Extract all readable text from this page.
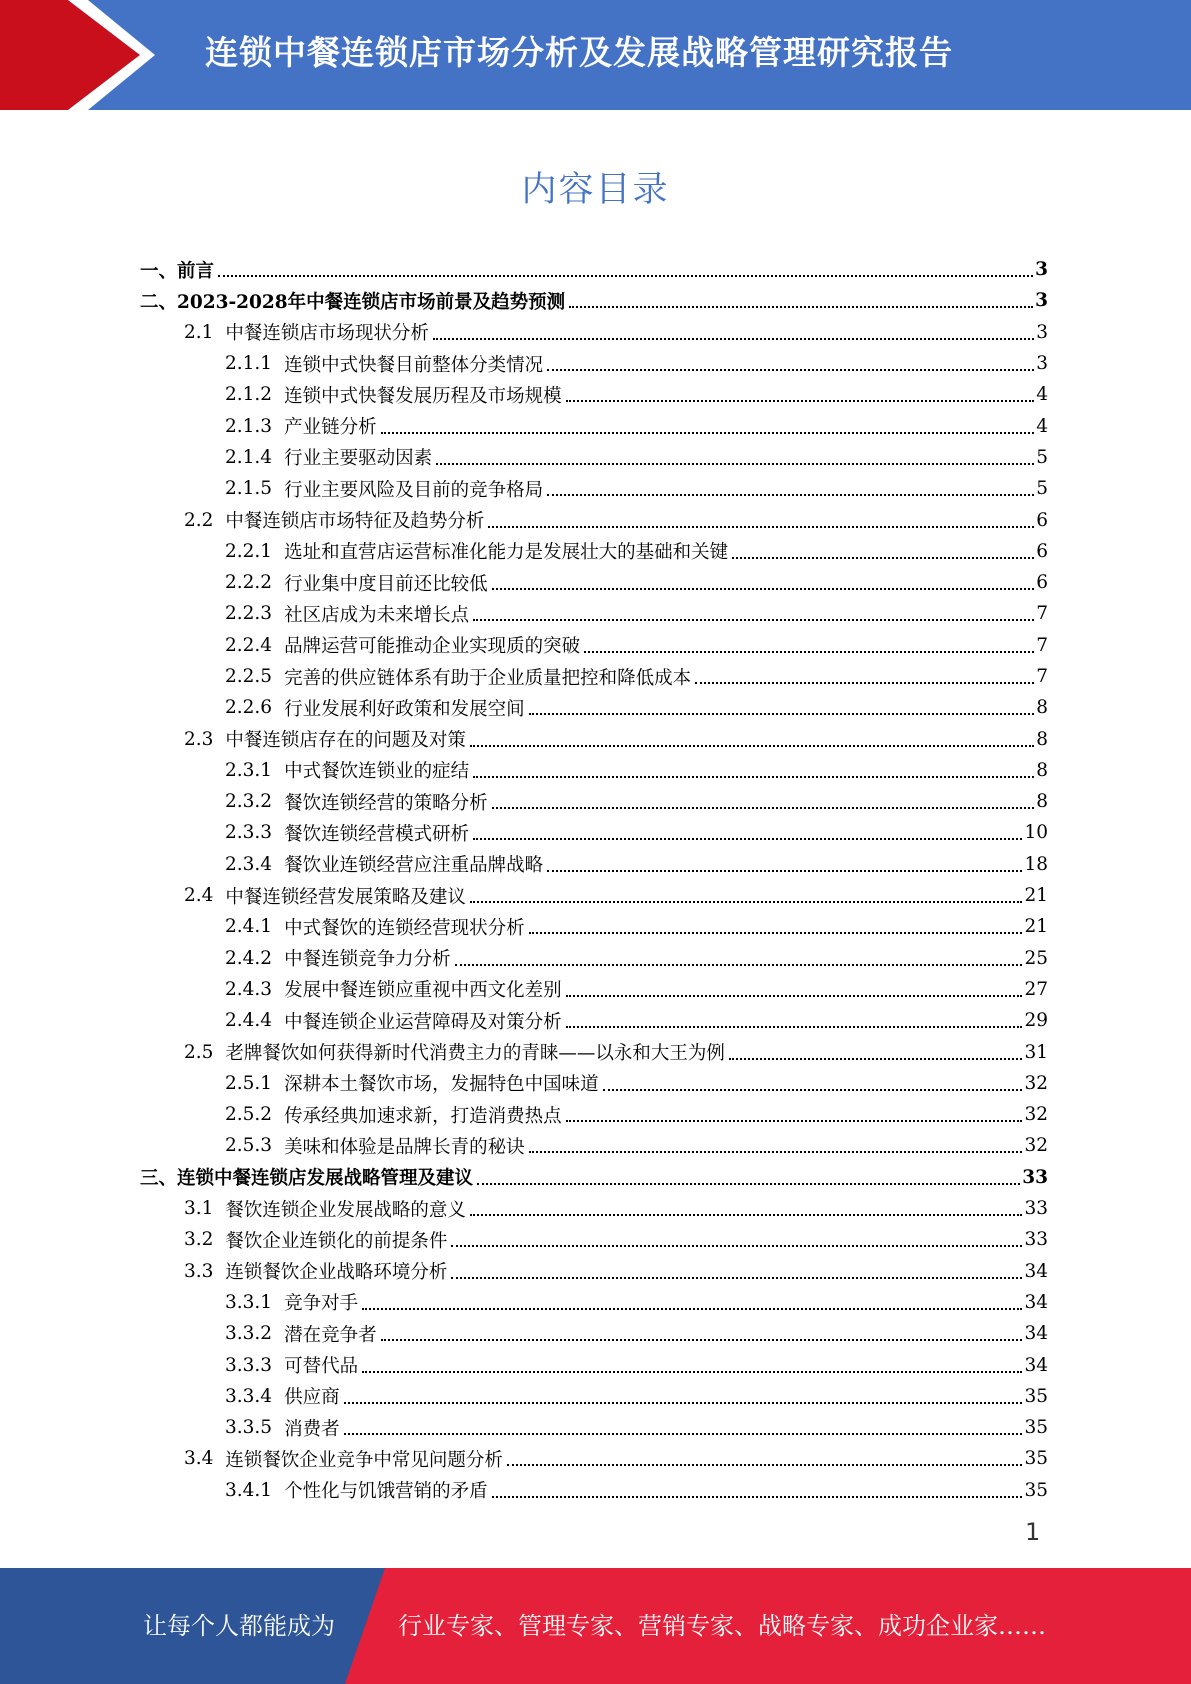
连锁中餐连锁店市场分析及发展战略管理研究报告
内容目录
一、 前言	3
二、 2023-2028年中餐连锁店市场前景及趋势预测	3
2.1 中餐连锁店市场现状分析	3
2.1.1 连锁中式快餐目前整体分类情况	3
2.1.2 连锁中式快餐发展历程及市场规模	4
2.1.3 产业链分析	4
2.1.4 行业主要驱动因素	5
2.1.5 行业主要风险及目前的竞争格局	5
2.2 中餐连锁店市场特征及趋势分析	6
2.2.1 选址和直营店运营标准化能力是发展壮大的基础和关键	6
2.2.2 行业集中度目前还比较低	6
2.2.3 社区店成为未来增长点	7
2.2.4 品牌运营可能推动企业实现质的突破	7
2.2.5 完善的供应链体系有助于企业质量把控和降低成本	7
2.2.6 行业发展利好政策和发展空间	8
2.3 中餐连锁店存在的问题及对策	8
2.3.1 中式餐饮连锁业的症结	8
2.3.2 餐饮连锁经营的策略分析	8
2.3.3 餐饮连锁经营模式研析	10
2.3.4 餐饮业连锁经营应注重品牌战略	18
2.4 中餐连锁经营发展策略及建议	21
2.4.1 中式餐饮的连锁经营现状分析	21
2.4.2 中餐连锁竞争力分析	25
2.4.3 发展中餐连锁应重视中西文化差别	27
2.4.4 中餐连锁企业运营障碍及对策分析	29
2.5 老牌餐饮如何获得新时代消费主力的青睐——以永和大王为例	31
2.5.1 深耕本土餐饮市场，发掘特色中国味道	32
2.5.2 传承经典加速求新，打造消费热点	32
2.5.3 美味和体验是品牌长青的秘诀	32
三、 连锁中餐连锁店发展战略管理及建议	33
3.1 餐饮连锁企业发展战略的意义	33
3.2 餐饮企业连锁化的前提条件	33
3.3 连锁餐饮企业战略环境分析	34
3.3.1 竞争对手	34
3.3.2 潜在竞争者	34
3.3.3 可替代品	34
3.3.4 供应商	35
3.3.5 消费者	35
3.4 连锁餐饮企业竞争中常见问题分析	35
3.4.1 个性化与饥饿营销的矛盾	35
1
让每个人都能成为	行业专家、管理专家、营销专家、战略专家、成功企业家……
